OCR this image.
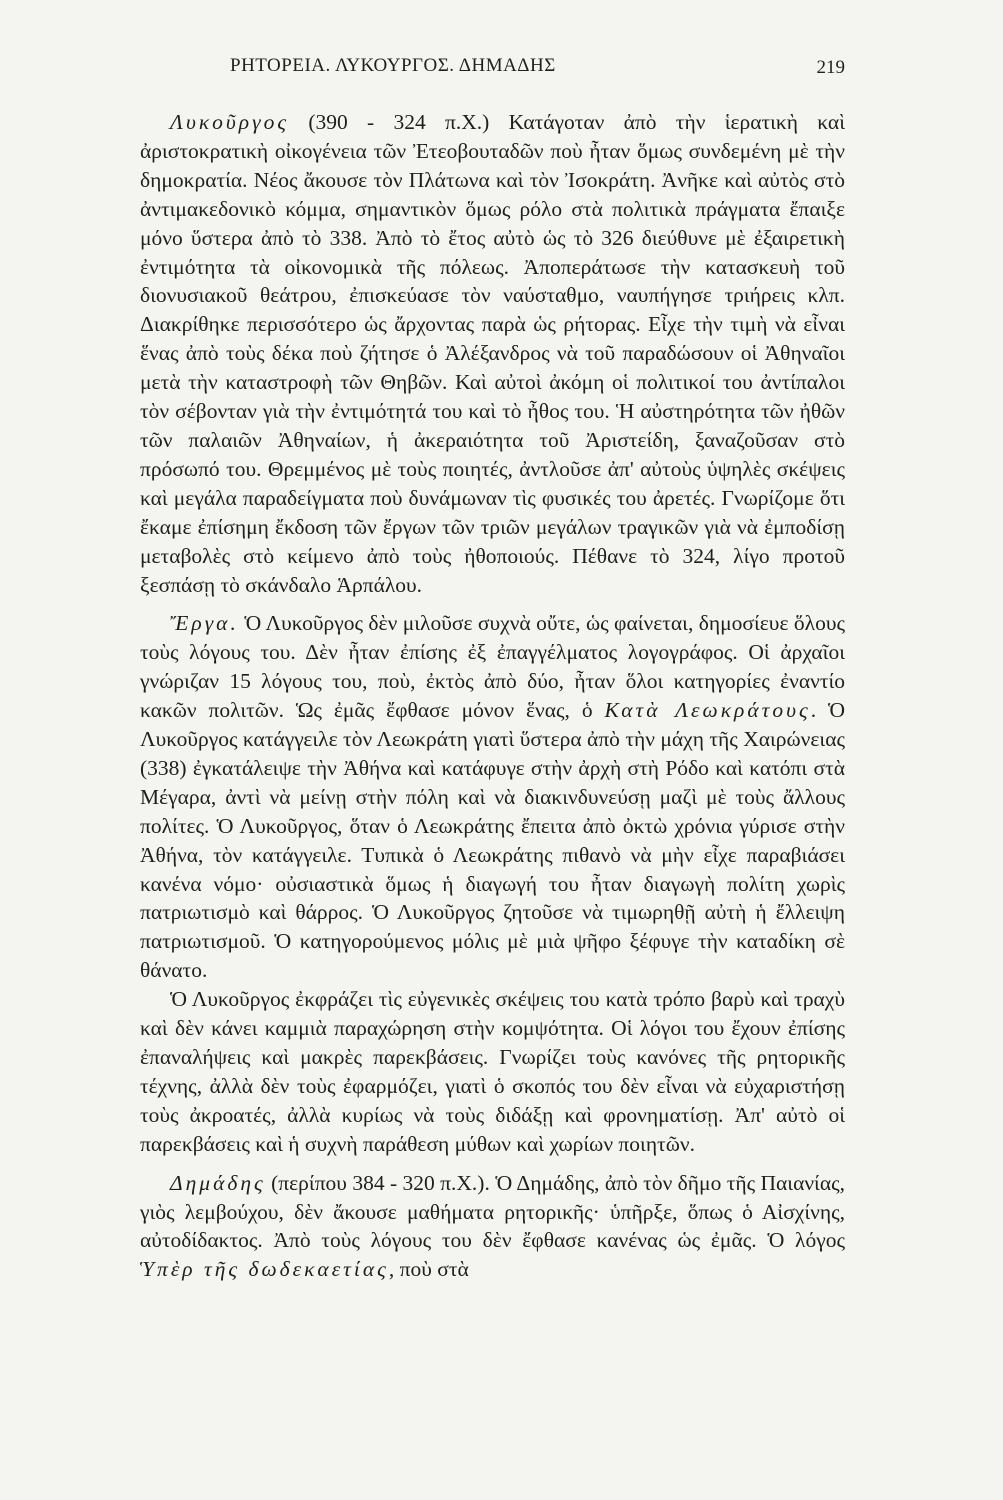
ΡΗΤΟΡΕΙΑ. ΛΥΚΟΥΡΓΟΣ. ΔΗΜΑΔΗΣ	219

Λυκοῦργος (390 - 324 π.Χ.) Κατάγοταν ἀπὸ τὴν ἱερατικὴ καὶ ἀριστοκρατικὴ οἰκογένεια τῶν Ἐτεοβουταδῶν ποὺ ἦταν ὅμως συνδεμένη μὲ τὴν δημοκρατία. Νέος ἄκουσε τὸν Πλάτωνα καὶ τὸν Ἰσοκράτη. Ἀνῆκε καὶ αὐτὸς στὸ ἀντιμακεδονικὸ κόμμα, σημαντικὸν ὅμως ρόλο στὰ πολιτικὰ πράγματα ἔπαιξε μόνο ὕστερα ἀπὸ τὸ 338. Ἀπὸ τὸ ἔτος αὐτὸ ὡς τὸ 326 διεύθυνε μὲ ἐξαιρετικὴ ἐντιμότητα τὰ οἰκονομικὰ τῆς πόλεως. Ἀποπεράτωσε τὴν κατασκευὴ τοῦ διονυσιακοῦ θεάτρου, ἐπισκεύασε τὸν ναύσταθμο, ναυπήγησε τριήρεις κλπ. Διακρίθηκε περισσότερο ὡς ἄρχοντας παρὰ ὡς ρήτορας. Εἶχε τὴν τιμὴ νὰ εἶναι ἕνας ἀπὸ τοὺς δέκα ποὺ ζήτησε ὁ Ἀλέξανδρος νὰ τοῦ παραδώσουν οἱ Ἀθηναῖοι μετὰ τὴν καταστροφὴ τῶν Θηβῶν. Καὶ αὐτοὶ ἀκόμη οἱ πολιτικοί του ἀντίπαλοι τὸν σέβονταν γιὰ τὴν ἐντιμότητά του καὶ τὸ ἦθος του. Ἡ αὐστηρότητα τῶν ἠθῶν τῶν παλαιῶν Ἀθηναίων, ἡ ἀκεραιότητα τοῦ Ἀριστείδη, ξαναζοῦσαν στὸ πρόσωπό του. Θρεμμένος μὲ τοὺς ποιητές, ἀντλοῦσε ἀπ' αὐτοὺς ὑψηλὲς σκέψεις καὶ μεγάλα παραδείγματα ποὺ δυνάμωναν τὶς φυσικές του ἀρετές. Γνωρίζομε ὅτι ἔκαμε ἐπίσημη ἔκδοση τῶν ἔργων τῶν τριῶν μεγάλων τραγικῶν γιὰ νὰ ἐμποδίσῃ μεταβολὲς στὸ κείμενο ἀπὸ τοὺς ἠθοποιούς. Πέθανε τὸ 324, λίγο προτοῦ ξεσπάσῃ τὸ σκάνδαλο Ἁρπάλου.

Ἔργα. Ὁ Λυκοῦργος δὲν μιλοῦσε συχνὰ οὔτε, ὡς φαίνεται, δημοσίευε ὅλους τοὺς λόγους του. Δὲν ἦταν ἐπίσης ἐξ ἐπαγγέλματος λογογράφος. Οἱ ἀρχαῖοι γνώριζαν 15 λόγους του, ποὺ, ἐκτὸς ἀπὸ δύο, ἦταν ὅλοι κατηγορίες ἐναντίο κακῶν πολιτῶν. Ὡς ἐμᾶς ἔφθασε μόνον ἕνας, ὁ Κατὰ Λεωκράτους. Ὁ Λυκοῦργος κατάγγειλε τὸν Λεωκράτη γιατὶ ὕστερα ἀπὸ τὴν μάχη τῆς Χαιρώνειας (338) ἐγκατάλειψε τὴν Ἀθήνα καὶ κατάφυγε στὴν ἀρχὴ στὴ Ρόδο καὶ κατόπι στὰ Μέγαρα, ἀντὶ νὰ μείνῃ στὴν πόλη καὶ νὰ διακινδυνεύσῃ μαζὶ μὲ τοὺς ἄλλους πολίτες. Ὁ Λυκοῦργος, ὅταν ὁ Λεωκράτης ἔπειτα ἀπὸ ὀκτὼ χρόνια γύρισε στὴν Ἀθήνα, τὸν κατάγγειλε. Τυπικὰ ὁ Λεωκράτης πιθανὸ νὰ μὴν εἶχε παραβιάσει κανένα νόμο· οὐσιαστικὰ ὅμως ἡ διαγωγή του ἦταν διαγωγὴ πολίτη χωρὶς πατριωτισμὸ καὶ θάρρος. Ὁ Λυκοῦργος ζητοῦσε νὰ τιμωρηθῇ αὐτὴ ἡ ἔλλειψη πατριωτισμοῦ. Ὁ κατηγορούμενος μόλις μὲ μιὰ ψῆφο ξέφυγε τὴν καταδίκη σὲ θάνατο.

Ὁ Λυκοῦργος ἐκφράζει τὶς εὐγενικὲς σκέψεις του κατὰ τρόπο βαρὺ καὶ τραχὺ καὶ δὲν κάνει καμμιὰ παραχώρηση στὴν κομψότητα. Οἱ λόγοι του ἔχουν ἐπίσης ἐπαναλήψεις καὶ μακρὲς παρεκβάσεις. Γνωρίζει τοὺς κανόνες τῆς ρητορικῆς τέχνης, ἀλλὰ δὲν τοὺς ἐφαρμόζει, γιατὶ ὁ σκοπός του δὲν εἶναι νὰ εὐχαριστήσῃ τοὺς ἀκροατές, ἀλλὰ κυρίως νὰ τοὺς διδάξῃ καὶ φρονηματίσῃ. Ἀπ' αὐτὸ οἱ παρεκβάσεις καὶ ἡ συχνὴ παράθεση μύθων καὶ χωρίων ποιητῶν.

Δημάδης (περίπου 384 - 320 π.Χ.). Ὁ Δημάδης, ἀπὸ τὸν δῆμο τῆς Παιανίας, γιὸς λεμβούχου, δὲν ἄκουσε μαθήματα ρητορικῆς· ὑπῆρξε, ὅπως ὁ Αἰσχίνης, αὐτοδίδακτος. Ἀπὸ τοὺς λόγους του δὲν ἔφθασε κανένας ὡς ἐμᾶς. Ὁ λόγος Ὑπὲρ τῆς δωδεκαετίας, ποὺ στὰ
